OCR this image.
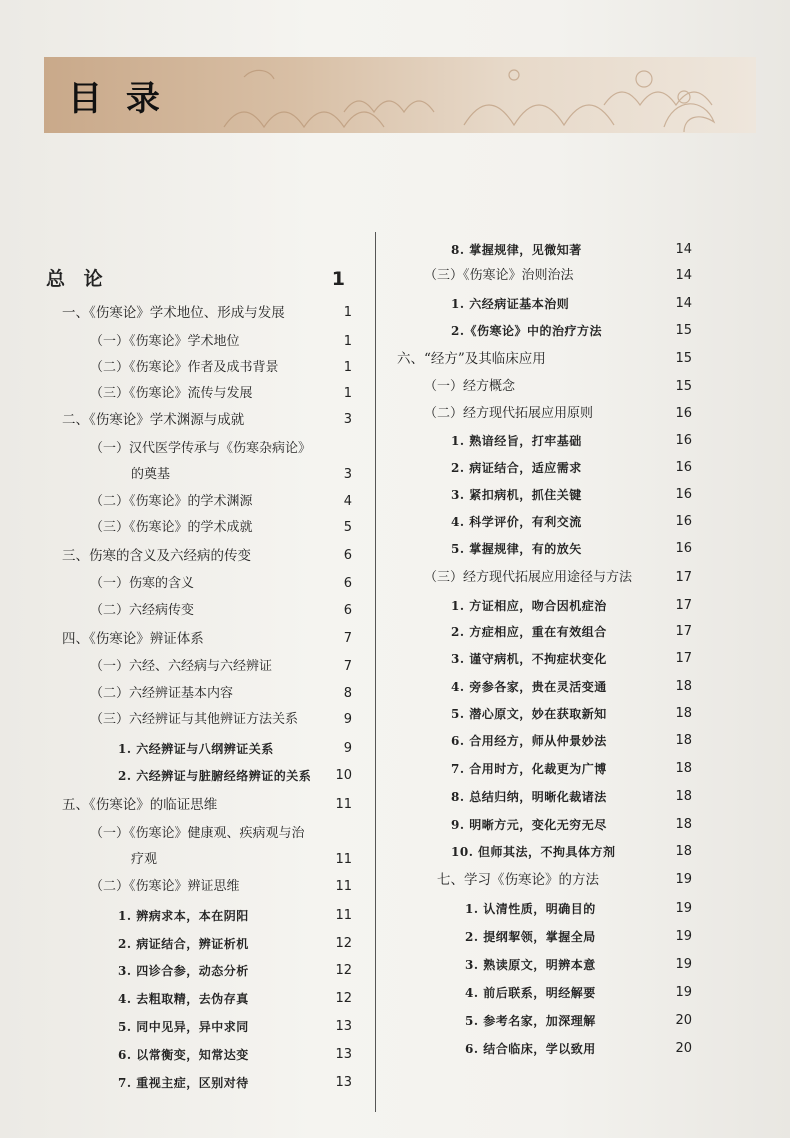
目 录
总 论	1
一、《伤寒论》学术地位、形成与发展	1
（一）《伤寒论》学术地位	1
（二）《伤寒论》作者及成书背景	1
（三）《伤寒论》流传与发展	1
二、《伤寒论》学术渊源与成就	3
（一）汉代医学传承与《伤寒杂病论》
的奠基	3
（二）《伤寒论》的学术渊源	4
（三）《伤寒论》的学术成就	5
三、伤寒的含义及六经病的传变	6
（一）伤寒的含义	6
（二）六经病传变	6
四、《伤寒论》辨证体系	7
（一）六经、六经病与六经辨证	7
（二）六经辨证基本内容	8
（三）六经辨证与其他辨证方法关系	9
1. 六经辨证与八纲辨证关系	9
2. 六经辨证与脏腑经络辨证的关系	10
五、《伤寒论》的临证思维	11
（一）《伤寒论》健康观、疾病观与治
疗观	11
（二）《伤寒论》辨证思维	11
1. 辨病求本，本在阴阳	11
2. 病证结合，辨证析机	12
3. 四诊合参，动态分析	12
4. 去粗取精，去伪存真	12
5. 同中见异，异中求同	13
6. 以常衡变，知常达变	13
7. 重视主症，区别对待	13
8. 掌握规律，见微知著	14
（三）《伤寒论》治则治法	14
1. 六经病证基本治则	14
2.《伤寒论》中的治疗方法	15
六、“经方”及其临床应用	15
（一）经方概念	15
（二）经方现代拓展应用原则	16
1. 熟谙经旨，打牢基础	16
2. 病证结合，适应需求	16
3. 紧扣病机，抓住关键	16
4. 科学评价，有利交流	16
5. 掌握规律，有的放矢	16
（三）经方现代拓展应用途径与方法	17
1. 方证相应，吻合因机症治	17
2. 方症相应，重在有效组合	17
3. 谨守病机，不拘症状变化	17
4. 旁参各家，贵在灵活变通	18
5. 潜心原文，妙在获取新知	18
6. 合用经方，师从仲景妙法	18
7. 合用时方，化裁更为广博	18
8. 总结归纳，明晰化裁诸法	18
9. 明晰方元，变化无穷无尽	18
10. 但师其法，不拘具体方剂	18
七、学习《伤寒论》的方法	19
1. 认清性质，明确目的	19
2. 提纲挈领，掌握全局	19
3. 熟读原文，明辨本意	19
4. 前后联系，明经解要	19
5. 参考名家，加深理解	20
6. 结合临床，学以致用	20
